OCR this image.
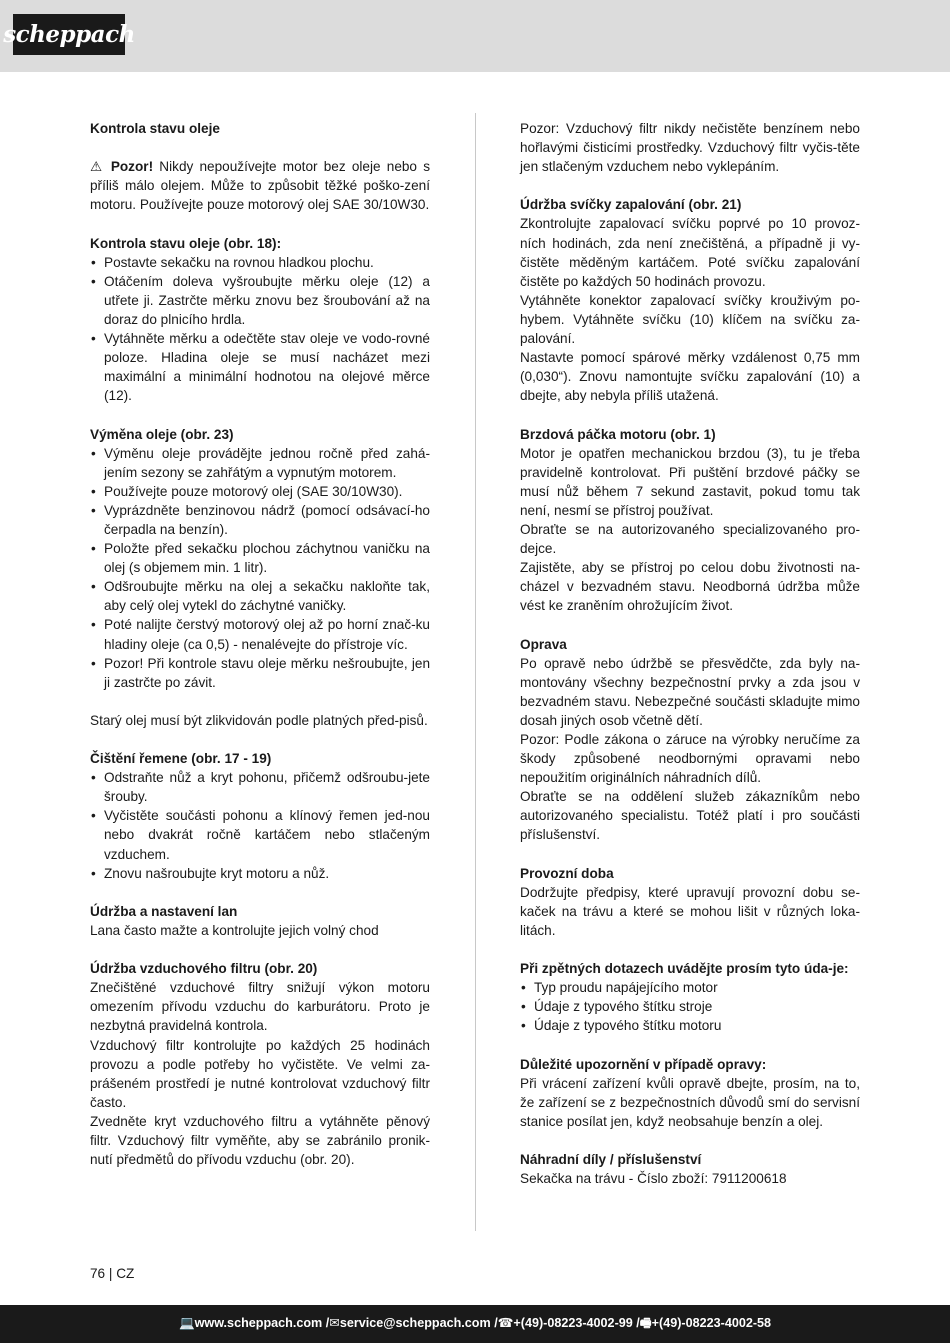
scheppach

Kontrola stavu oleje

⚠ Pozor! Nikdy nepoužívejte motor bez oleje nebo s příliš málo olejem. Může to způsobit těžké poško-zení motoru. Používejte pouze motorový olej SAE 30/10W30.

Kontrola stavu oleje (obr. 18):

• Postavte sekačku na rovnou hladkou plochu.
• Otáčením doleva vyšroubujte měrku oleje (12) a utřete ji. Zastrčte měrku znovu bez šroubování až na doraz do plnicího hrdla.
• Vytáhněte měrku a odečtěte stav oleje ve vodo-rovné poloze. Hladina oleje se musí nacházet mezi maximální a minimální hodnotou na olejové měrce (12).

Výměna oleje (obr. 23)

• Výměnu oleje provádějte jednou ročně před zahá-jením sezony se zahřátým a vypnutým motorem.
• Používejte pouze motorový olej (SAE 30/10W30).
• Vyprázdněte benzinovou nádrž (pomocí odsávací-ho čerpadla na benzín).
• Položte před sekačku plochou záchytnou vaničku na olej (s objemem min. 1 litr).
• Odšroubujte měrku na olej a sekačku nakloňte tak, aby celý olej vytekl do záchytné vaničky.
• Poté nalijte čerstvý motorový olej až po horní znač-ku hladiny oleje (ca 0,5) - nenalévejte do přístroje víc.
• Pozor! Při kontrole stavu oleje měrku nešroubujte, jen ji zastrčte po závit.

Starý olej musí být zlikvidován podle platných před-pisů.

Čištění řemene (obr. 17 - 19)

• Odstraňte nůž a kryt pohonu, přičemž odšroubu-jete šrouby.
• Vyčistěte součásti pohonu a klínový řemen jed-nou nebo dvakrát ročně kartáčem nebo stlačeným vzduchem.
• Znovu našroubujte kryt motoru a nůž.

Údržba a nastavení lan

Lana často mažte a kontrolujte jejich volný chod

Údržba vzduchového filtru (obr. 20)

Znečištěné vzduchové filtry snižují výkon motoru omezením přívodu vzduchu do karburátoru. Proto je nezbytná pravidelná kontrola.

Vzduchový filtr kontrolujte po každých 25 hodinách provozu a podle potřeby ho vyčistěte. Ve velmi za-prášeném prostředí je nutné kontrolovat vzduchový filtr často.

Zvedněte kryt vzduchového filtru a vytáhněte pěnový filtr. Vzduchový filtr vyměňte, aby se zabránilo pronik-nutí předmětů do přívodu vzduchu (obr. 20).

Pozor: Vzduchový filtr nikdy nečistěte benzínem nebo hořlavými čisticími prostředky. Vzduchový filtr vyčis-těte jen stlačeným vzduchem nebo vyklepáním.

Údržba svíčky zapalování (obr. 21)

Zkontrolujte zapalovací svíčku poprvé po 10 provoz-ních hodinách, zda není znečištěná, a případně ji vy-čistěte měděným kartáčem. Poté svíčku zapalování čistěte po každých 50 hodinách provozu.

Vytáhněte konektor zapalovací svíčky krouživým po-hybem. Vytáhněte svíčku (10) klíčem na svíčku za-palování.

Nastavte pomocí spárové měrky vzdálenost 0,75 mm (0,030“). Znovu namontujte svíčku zapalování (10) a dbejte, aby nebyla příliš utažená.

Brzdová páčka motoru (obr. 1)

Motor je opatřen mechanickou brzdou (3), tu je třeba pravidelně kontrolovat. Při puštění brzdové páčky se musí nůž během 7 sekund zastavit, pokud tomu tak není, nesmí se přístroj používat.

Obraťte se na autorizovaného specializovaného pro-dejce.

Zajistěte, aby se přístroj po celou dobu životnosti na-cházel v bezvadném stavu. Neodborná údržba může vést ke zraněním ohrožujícím život.

Oprava

Po opravě nebo údržbě se přesvědčte, zda byly na-montovány všechny bezpečnostní prvky a zda jsou v bezvadném stavu. Nebezpečné součásti skladujte mimo dosah jiných osob včetně dětí.

Pozor: Podle zákona o záruce na výrobky neručíme za škody způsobené neodbornými opravami nebo nepoužitím originálních náhradních dílů.

Obraťte se na oddělení služeb zákazníkům nebo autorizovaného specialistu. Totéž platí i pro součásti příslušenství.

Provozní doba

Dodržujte předpisy, které upravují provozní dobu se-kaček na trávu a které se mohou lišit v různých loka-litách.

Při zpětných dotazech uvádějte prosím tyto úda-je:

• Typ proudu napájejícího motor
• Údaje z typového štítku stroje
• Údaje z typového štítku motoru

Důležité upozornění v případě opravy:

Při vrácení zařízení kvůli opravě dbejte, prosím, na to, že zařízení se z bezpečnostních důvodů smí do servisní stanice posílat jen, když neobsahuje benzín a olej.

Náhradní díly / příslušenství

Sekačka na trávu - Číslo zboží: 7911200618

76 | CZ
💻 www.scheppach.com / ✉ service@scheppach.com / ☎ +(49)-08223-4002-99 / 🖷 +(49)-08223-4002-58
